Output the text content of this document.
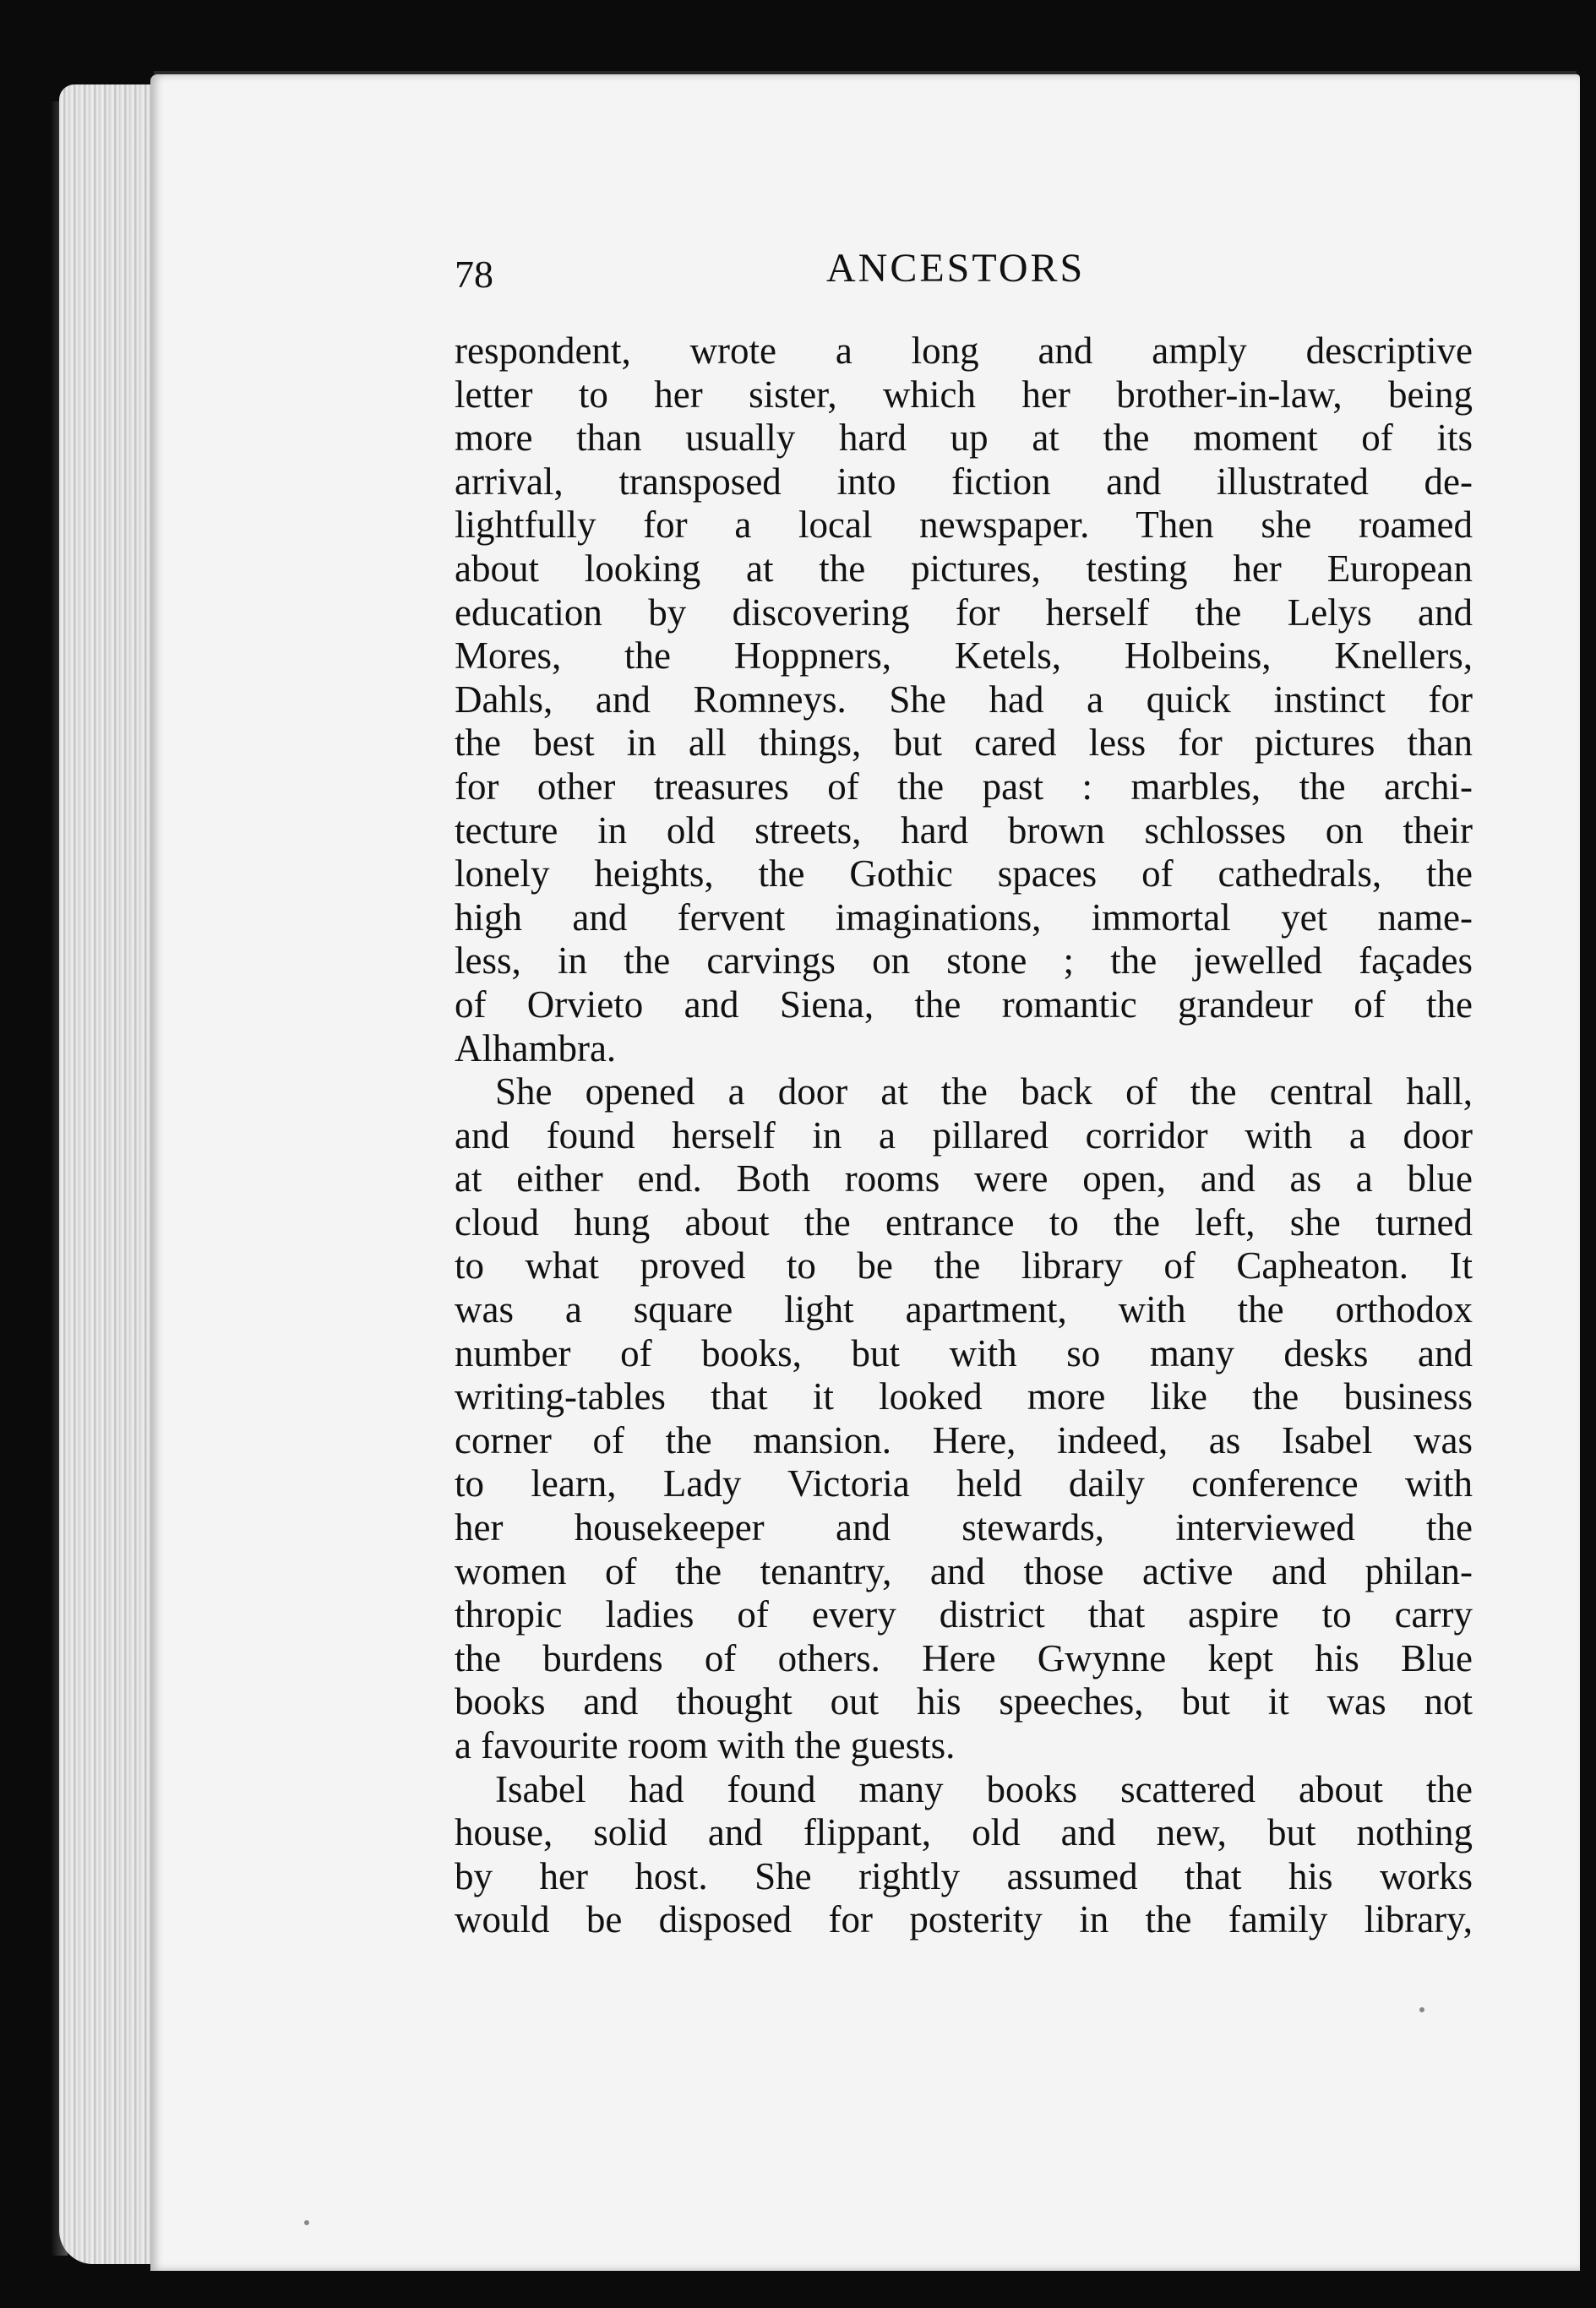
78	ANCESTORS
respondent, wrote a long and amply descriptive
letter to her sister, which her brother-in-law, being
more than usually hard up at the moment of its
arrival, transposed into fiction and illustrated de-
lightfully for a local newspaper. Then she roamed
about looking at the pictures, testing her European
education by discovering for herself the Lelys and
Mores, the Hoppners, Ketels, Holbeins, Knellers,
Dahls, and Romneys. She had a quick instinct for
the best in all things, but cared less for pictures than
for other treasures of the past : marbles, the archi-
tecture in old streets, hard brown schlosses on their
lonely heights, the Gothic spaces of cathedrals, the
high and fervent imaginations, immortal yet name-
less, in the carvings on stone ; the jewelled façades
of Orvieto and Siena, the romantic grandeur of the
Alhambra.
She opened a door at the back of the central hall,
and found herself in a pillared corridor with a door
at either end. Both rooms were open, and as a blue
cloud hung about the entrance to the left, she turned
to what proved to be the library of Capheaton. It
was a square light apartment, with the orthodox
number of books, but with so many desks and
writing-tables that it looked more like the business
corner of the mansion. Here, indeed, as Isabel was
to learn, Lady Victoria held daily conference with
her housekeeper and stewards, interviewed the
women of the tenantry, and those active and philan-
thropic ladies of every district that aspire to carry
the burdens of others. Here Gwynne kept his Blue
books and thought out his speeches, but it was not
a favourite room with the guests.
Isabel had found many books scattered about the
house, solid and flippant, old and new, but nothing
by her host. She rightly assumed that his works
would be disposed for posterity in the family library,
